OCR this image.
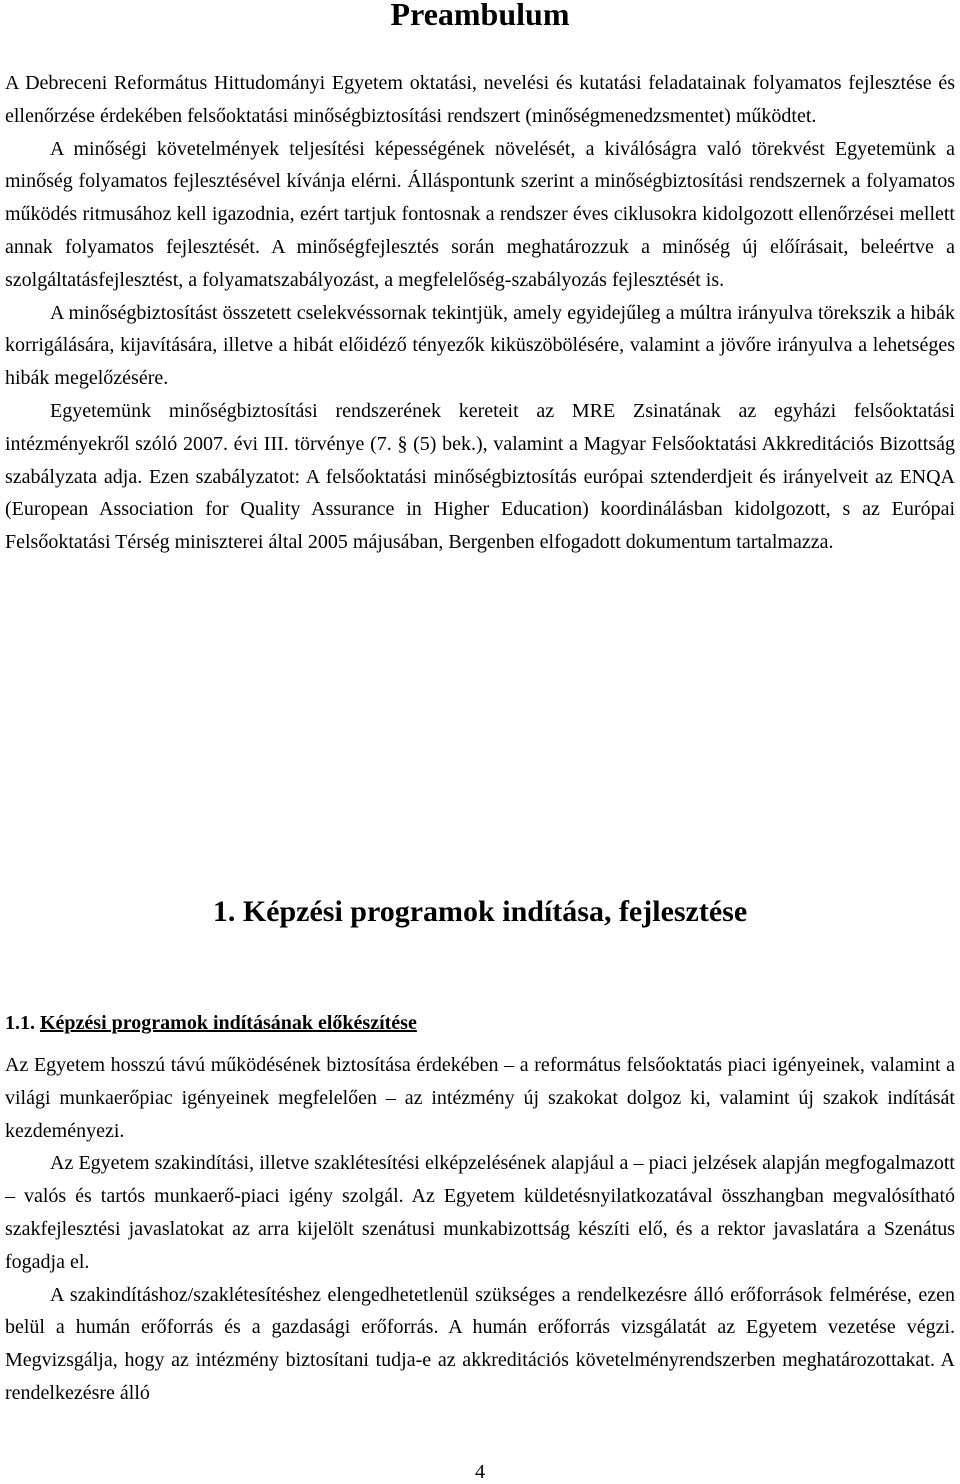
Preambulum

A Debreceni Református Hittudományi Egyetem oktatási, nevelési és kutatási feladatainak folyamatos fejlesztése és ellenőrzése érdekében felsőoktatási minőségbiztosítási rendszert (minőségmenedzsmentet) működtet.

A minőségi követelmények teljesítési képességének növelését, a kiválóságra való törekvést Egyetemünk a minőség folyamatos fejlesztésével kívánja elérni. Álláspontunk szerint a minőségbiztosítási rendszernek a folyamatos működés ritmusához kell igazodnia, ezért tartjuk fontosnak a rendszer éves ciklusokra kidolgozott ellenőrzései mellett annak folyamatos fejlesztését. A minőségfejlesztés során meghatározzuk a minőség új előírásait, beleértve a szolgáltatásfejlesztést, a folyamatszabályozást, a megfelelőség-szabályozás fejlesztését is.

A minőségbiztosítást összetett cselekvéssornak tekintjük, amely egyidejűleg a múltra irányulva törekszik a hibák korrigálására, kijavítására, illetve a hibát előidéző tényezők kiküszöbölésére, valamint a jövőre irányulva a lehetséges hibák megelőzésére.

Egyetemünk minőségbiztosítási rendszerének kereteit az MRE Zsinatának az egyházi felsőoktatási intézményekről szóló 2007. évi III. törvénye (7. § (5) bek.), valamint a Magyar Felsőoktatási Akkreditációs Bizottság szabályzata adja. Ezen szabályzatot: A felsőoktatási minőségbiztosítás európai sztenderdjeit és irányelveit az ENQA (European Association for Quality Assurance in Higher Education) koordinálásban kidolgozott, s az Európai Felsőoktatási Térség miniszterei által 2005 májusában, Bergenben elfogadott dokumentum tartalmazza.

1. Képzési programok indítása, fejlesztése
1.1. Képzési programok indításának előkészítése

Az Egyetem hosszú távú működésének biztosítása érdekében – a református felsőoktatás piaci igényeinek, valamint a világi munkaerőpiac igényeinek megfelelően – az intézmény új szakokat dolgoz ki, valamint új szakok indítását kezdeményezi.

Az Egyetem szakindítási, illetve szaklétesítési elképzelésének alapjául a – piaci jelzések alapján megfogalmazott – valós és tartós munkaerő-piaci igény szolgál. Az Egyetem küldetésnyilatkozatával összhangban megvalósítható szakfejlesztési javaslatokat az arra kijelölt szenátusi munkabizottság készíti elő, és a rektor javaslatára a Szenátus fogadja el.

A szakindításhoz/szaklétesítéshez elengedhetetlenül szükséges a rendelkezésre álló erőforrások felmérése, ezen belül a humán erőforrás és a gazdasági erőforrás. A humán erőforrás vizsgálatát az Egyetem vezetése végzi. Megvizsgálja, hogy az intézmény biztosítani tudja-e az akkreditációs követelményrendszerben meghatározottakat. A rendelkezésre álló

4
